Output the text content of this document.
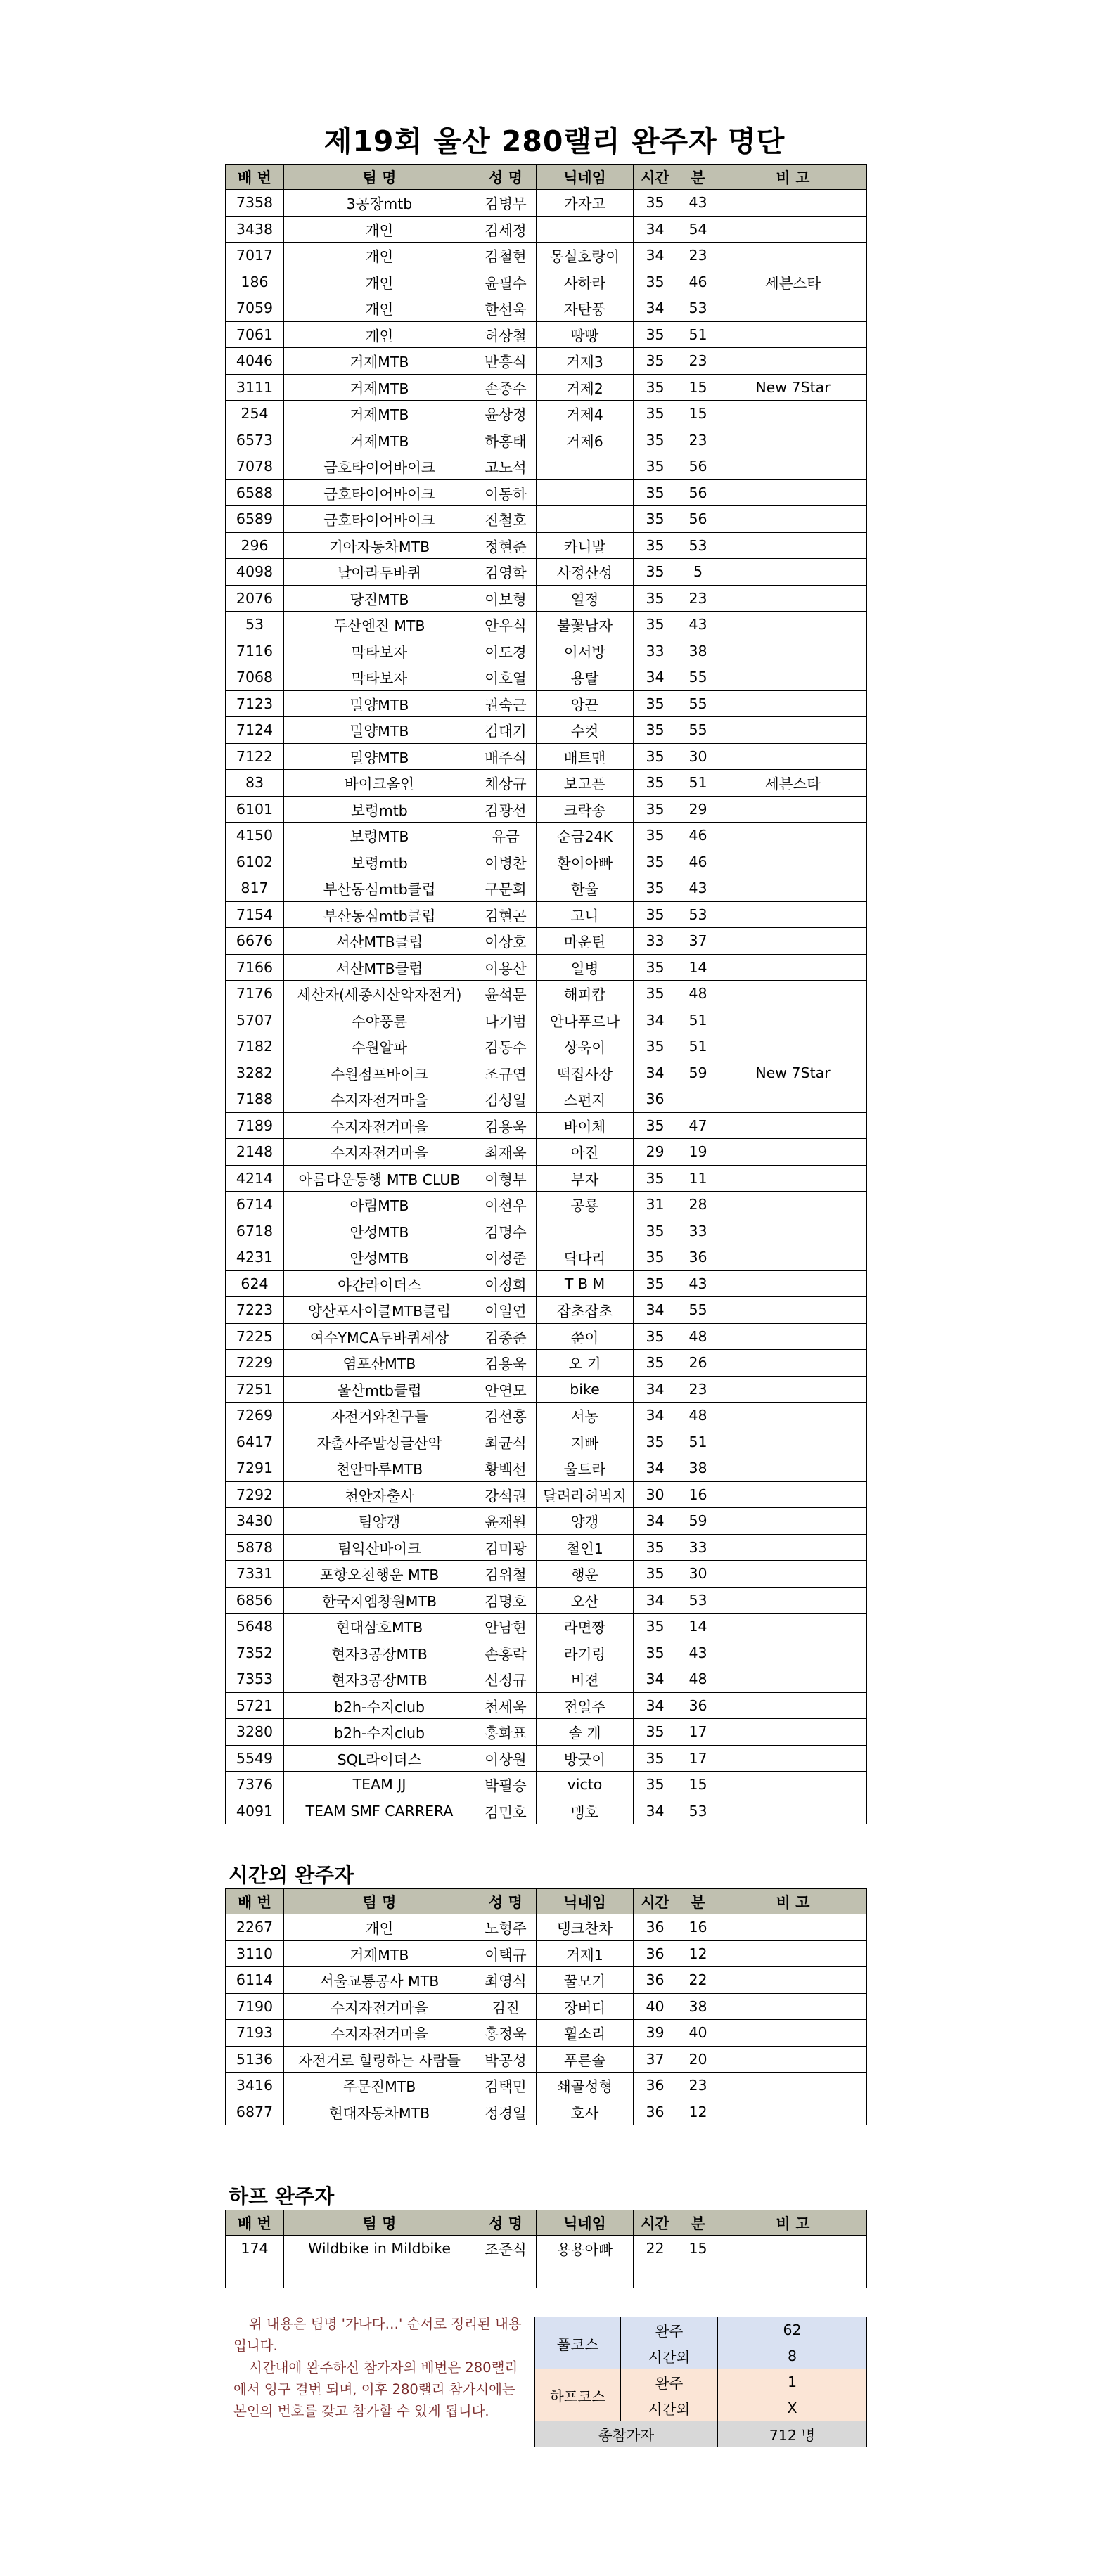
제19회 울산 280랠리 완주자 명단
배 번	팀 명	성 명	닉네임	시간	분	비 고
7358	3공장mtb	김병무	가자고	35	43	
3438	개인	김세정		34	54	
7017	개인	김철현	몽실호랑이	34	23	
186	개인	윤필수	사하라	35	46	세븐스타
7059	개인	한선욱	자탄풍	34	53	
7061	개인	허상철	빵빵	35	51	
4046	거제MTB	반흥식	거제3	35	23	
3111	거제MTB	손종수	거제2	35	15	New 7Star
254	거제MTB	윤상정	거제4	35	15	
6573	거제MTB	하홍태	거제6	35	23	
7078	금호타이어바이크	고노석		35	56	
6588	금호타이어바이크	이동하		35	56	
6589	금호타이어바이크	진철호		35	56	
296	기아자동차MTB	정현준	카니발	35	53	
4098	날아라두바퀴	김영학	사정산성	35	5	
2076	당진MTB	이보형	열정	35	23	
53	두산엔진 MTB	안우식	불꽃남자	35	43	
7116	막타보자	이도경	이서방	33	38	
7068	막타보자	이호열	용탈	34	55	
7123	밀양MTB	권숙근	앙끈	35	55	
7124	밀양MTB	김대기	수컷	35	55	
7122	밀양MTB	배주식	배트맨	35	30	
83	바이크올인	채상규	보고픈	35	51	세븐스타
6101	보령mtb	김광선	크락송	35	29	
4150	보령MTB	유금	순금24K	35	46	
6102	보령mtb	이병찬	환이아빠	35	46	
817	부산동심mtb클럽	구문회	한울	35	43	
7154	부산동심mtb클럽	김현곤	고니	35	53	
6676	서산MTB클럽	이상호	마운틴	33	37	
7166	서산MTB클럽	이용산	일병	35	14	
7176	세산자(세종시산악자전거)	윤석문	해피캅	35	48	
5707	수야풍륜	나기범	안나푸르나	34	51	
7182	수원알파	김동수	상욱이	35	51	
3282	수원점프바이크	조규연	떡집사장	34	59	New 7Star
7188	수지자전거마을	김성일	스펀지	36		
7189	수지자전거마을	김용욱	바이체	35	47	
2148	수지자전거마을	최재욱	아진	29	19	
4214	아름다운동행 MTB CLUB	이형부	부자	35	11	
6714	아림MTB	이선우	공룡	31	28	
6718	안성MTB	김명수		35	33	
4231	안성MTB	이성준	닥다리	35	36	
624	야간라이더스	이정희	T B M	35	43	
7223	양산포사이클MTB클럽	이일연	잡초잡초	34	55	
7225	여수YMCA두바퀴세상	김종준	쭌이	35	48	
7229	염포산MTB	김용욱	오 기	35	26	
7251	울산mtb클럽	안연모	bike	34	23	
7269	자전거와친구들	김선홍	서농	34	48	
6417	자출사주말싱글산악	최균식	지빠	35	51	
7291	천안마루MTB	황백선	울트라	34	38	
7292	천안자출사	강석권	달려라허벅지	30	16	
3430	팀양갱	윤재원	양갱	34	59	
5878	팀익산바이크	김미광	철인1	35	33	
7331	포항오천행운 MTB	김위철	행운	35	30	
6856	한국지엠창원MTB	김명호	오산	34	53	
5648	현대삼호MTB	안남현	라면짱	35	14	
7352	현자3공장MTB	손홍락	라기링	35	43	
7353	현자3공장MTB	신정규	비젼	34	48	
5721	b2h-수지club	천세욱	전일주	34	36	
3280	b2h-수지club	홍화표	솔 개	35	17	
5549	SQL라이더스	이상원	방긋이	35	17	
7376	TEAM JJ	박필승	victo	35	15	
4091	TEAM SMF CARRERA	김민호	맹호	34	53	
시간외 완주자
배 번	팀 명	성 명	닉네임	시간	분	비 고
2267	개인	노형주	탱크찬차	36	16	
3110	거제MTB	이택규	거제1	36	12	
6114	서울교통공사 MTB	최영식	꿀모기	36	22	
7190	수지자전거마을	김진	장버디	40	38	
7193	수지자전거마을	홍정욱	휠소리	39	40	
5136	자전거로 힐링하는 사람들	박공성	푸른솔	37	20	
3416	주문진MTB	김택민	쇄골성형	36	23	
6877	현대자동차MTB	정경일	호사	36	12	
하프 완주자
배 번	팀 명	성 명	닉네임	시간	분	비 고
174	Wildbike in Mildbike	조준식	용용아빠	22	15	

위 내용은 팀명 '가나다…' 순서로 정리된 내용입니다.

시간내에 완주하신 참가자의 배번은 280랠리에서 영구 결번 되며, 이후 280랠리 참가시에는 본인의 번호를 갖고 참가할 수 있게 됩니다.

풀코스	완주	62
	시간외	8
하프코스	완주	1
	시간외	X
총참가자		712 명
